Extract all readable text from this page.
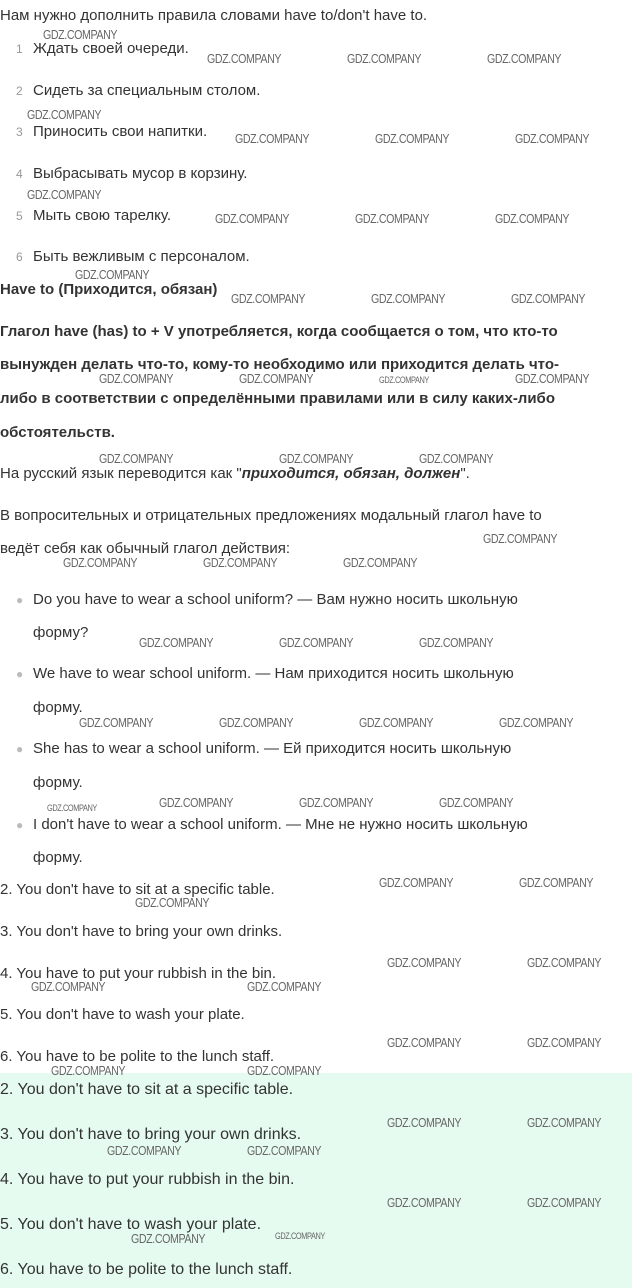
Нам нужно дополнить правила словами have to/don't have to.
1 Ждать своей очереди.
2 Сидеть за специальным столом.
3 Приносить свои напитки.
4 Выбрасывать мусор в корзину.
5 Мыть свою тарелку.
6 Быть вежливым с персоналом.
Have to (Приходится, обязан)
Глагол have (has) to + V употребляется, когда сообщается о том, что кто-то
вынужден делать что-то, кому-то необходимо или приходится делать что-
либо в соответствии с определёнными правилами или в силу каких-либо
обстоятельств.
На русский язык переводится как "приходится, обязан, должен".
В вопросительных и отрицательных предложениях модальный глагол have to
ведёт себя как обычный глагол действия:
● Do you have to wear a school uniform? — Вам нужно носить школьную
форму?
● We have to wear school uniform. — Нам приходится носить школьную
форму.
● She has to wear a school uniform. — Ей приходится носить школьную
форму.
● I don't have to wear a school uniform. — Мне не нужно носить школьную
форму.
2. You don't have to sit at a specific table.
3. You don't have to bring your own drinks.
4. You have to put your rubbish in the bin.
5. You don't have to wash your plate.
6. You have to be polite to the lunch staff.
2. You don't have to sit at a specific table.
3. You don't have to bring your own drinks.
4. You have to put your rubbish in the bin.
5. You don't have to wash your plate.
6. You have to be polite to the lunch staff.
GDZ.COMPANY
GDZ.COMPANY	GDZ.COMPANY	GDZ.COMPANY
GDZ.COMPANY
GDZ.COMPANY	GDZ.COMPANY	GDZ.COMPANY
GDZ.COMPANY
GDZ.COMPANY	GDZ.COMPANY	GDZ.COMPANY
GDZ.COMPANY
GDZ.COMPANY	GDZ.COMPANY	GDZ.COMPANY
GDZ.COMPANY	GDZ.COMPANY	GDZ.COMPANY	GDZ.COMPANY
GDZ.COMPANY	GDZ.COMPANY	GDZ.COMPANY
GDZ.COMPANY
GDZ.COMPANY	GDZ.COMPANY	GDZ.COMPANY
GDZ.COMPANY	GDZ.COMPANY	GDZ.COMPANY
GDZ.COMPANY	GDZ.COMPANY	GDZ.COMPANY	GDZ.COMPANY
GDZ.COMPANY	GDZ.COMPANY	GDZ.COMPANY	GDZ.COMPANY
GDZ.COMPANY	GDZ.COMPANY
GDZ.COMPANY
GDZ.COMPANY	GDZ.COMPANY
GDZ.COMPANY	GDZ.COMPANY
GDZ.COMPANY	GDZ.COMPANY
GDZ.COMPANY	GDZ.COMPANY
GDZ.COMPANY	GDZ.COMPANY
GDZ.COMPANY	GDZ.COMPANY
GDZ.COMPANY	GDZ.COMPANY
GDZ.COMPANY	GDZ.COMPANY
